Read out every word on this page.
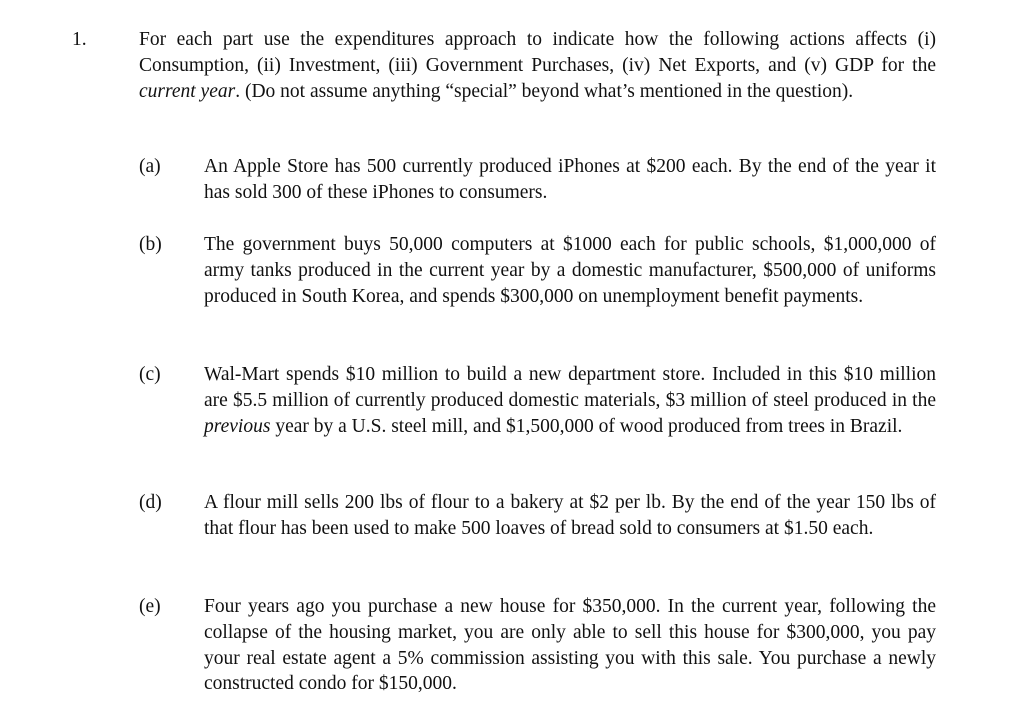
1.	For each part use the expenditures approach to indicate how the following actions affects (i) Consumption, (ii) Investment, (iii) Government Purchases, (iv) Net Exports, and (v) GDP for the current year. (Do not assume anything “special” beyond what’s mentioned in the question).
(a)	An Apple Store has 500 currently produced iPhones at $200 each. By the end of the year it has sold 300 of these iPhones to consumers.
(b)	The government buys 50,000 computers at $1000 each for public schools, $1,000,000 of army tanks produced in the current year by a domestic manufacturer, $500,000 of uniforms produced in South Korea, and spends $300,000 on unemployment benefit payments.
(c)	Wal-Mart spends $10 million to build a new department store. Included in this $10 million are $5.5 million of currently produced domestic materials, $3 million of steel produced in the previous year by a U.S. steel mill, and $1,500,000 of wood produced from trees in Brazil.
(d)	A flour mill sells 200 lbs of flour to a bakery at $2 per lb. By the end of the year 150 lbs of that flour has been used to make 500 loaves of bread sold to consumers at $1.50 each.
(e)	Four years ago you purchase a new house for $350,000. In the current year, following the collapse of the housing market, you are only able to sell this house for $300,000, you pay your real estate agent a 5% commission assisting you with this sale. You purchase a newly constructed condo for $150,000.
